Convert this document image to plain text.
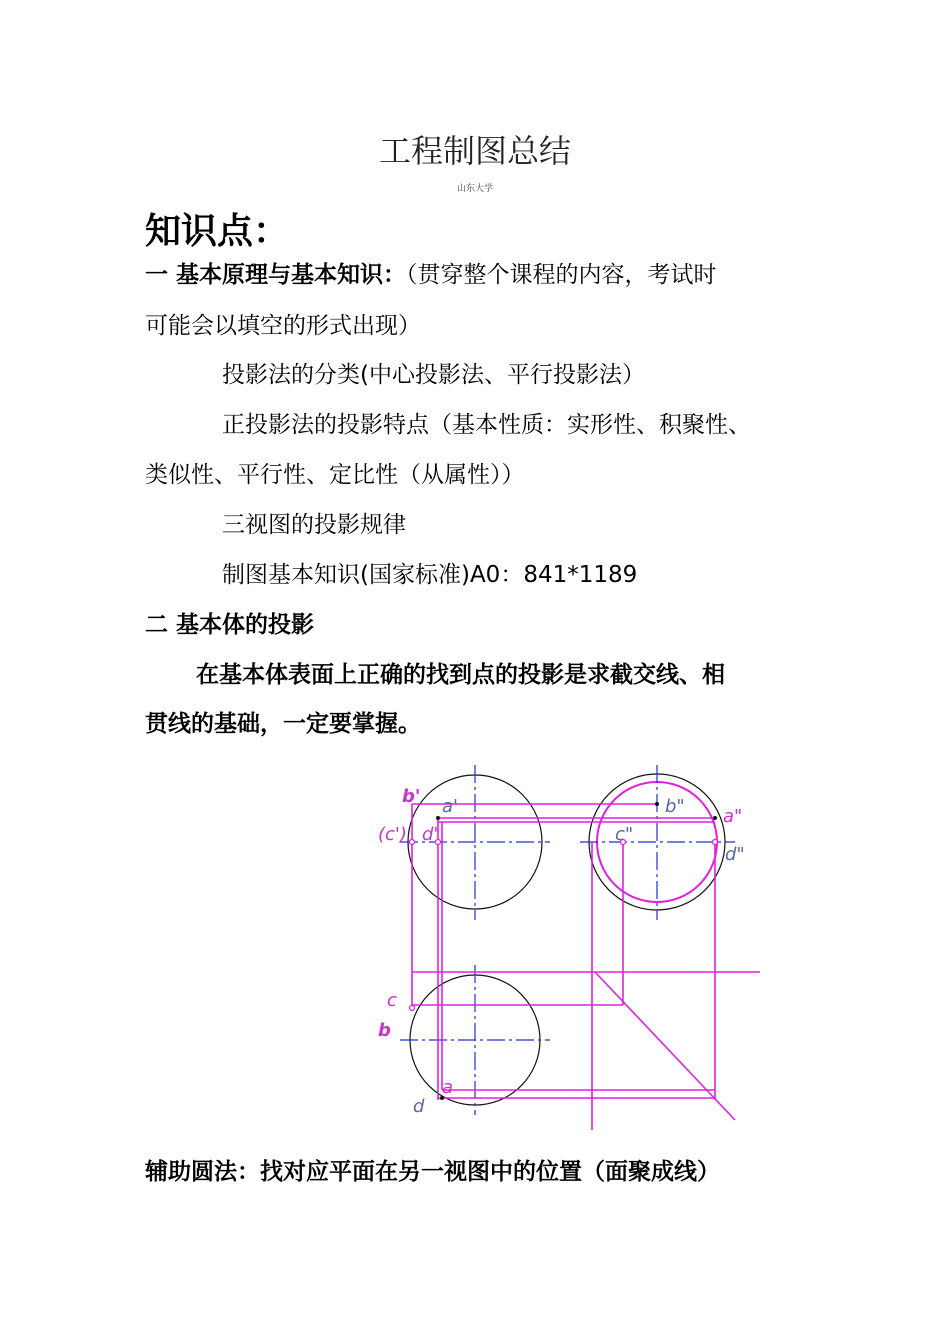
工程制图总结
山东大学
知识点：
一 基本原理与基本知识：（贯穿整个课程的内容，考试时
可能会以填空的形式出现）
投影法的分类(中心投影法、平行投影法）
正投影法的投影特点（基本性质：实形性、积聚性、
类似性、平行性、定比性（从属性））
三视图的投影规律
制图基本知识(国家标准)A0：841*1189
二 基本体的投影
在基本体表面上正确的找到点的投影是求截交线、相
贯线的基础，一定要掌握。
b' a'
(c') d'
b" a"
c"
d"
c
b
a
d
辅助圆法：找对应平面在另一视图中的位置（面聚成线）
